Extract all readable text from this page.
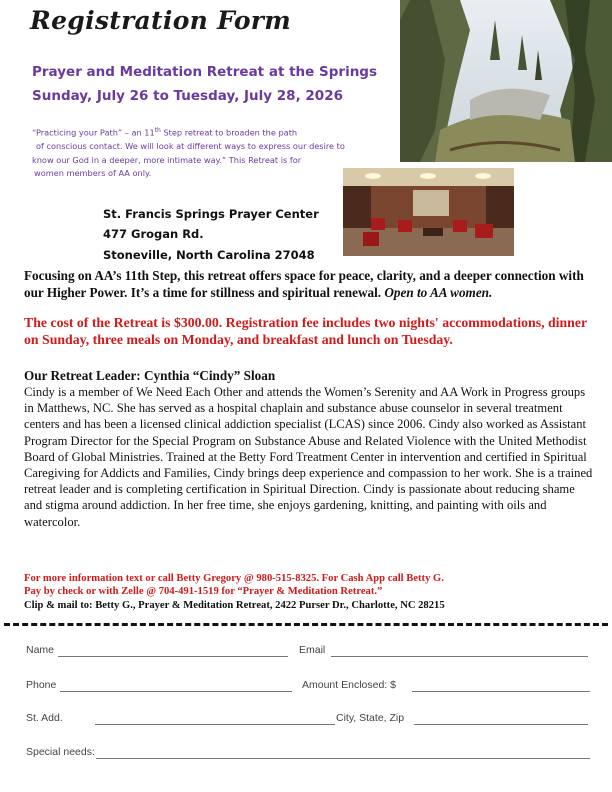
Registration Form
Prayer and Meditation Retreat at the Springs
Sunday, July 26 to Tuesday, July 28, 2026
“Practicing your Path” – an 11th Step retreat to broaden the path
of conscious contact. We will look at different ways to express our desire to
know our God in a deeper, more intimate way.” This Retreat is for
women members of AA only.
St. Francis Springs Prayer Center
477 Grogan Rd.
Stoneville, North Carolina 27048
Focusing on AA’s 11th Step, this retreat offers space for peace, clarity, and a deeper connection with our Higher Power. It’s a time for stillness and spiritual renewal. Open to AA women.
The cost of the Retreat is $300.00. Registration fee includes two nights' accommodations, dinner on Sunday, three meals on Monday, and breakfast and lunch on Tuesday.
Our Retreat Leader: Cynthia “Cindy” Sloan
Cindy is a member of We Need Each Other and attends the Women’s Serenity and AA Work in Progress groups in Matthews, NC. She has served as a hospital chaplain and substance abuse counselor in several treatment centers and has been a licensed clinical addiction specialist (LCAS) since 2006. Cindy also worked as Assistant Program Director for the Special Program on Substance Abuse and Related Violence with the United Methodist Board of Global Ministries. Trained at the Betty Ford Treatment Center in intervention and certified in Spiritual Caregiving for Addicts and Families, Cindy brings deep experience and compassion to her work. She is a trained retreat leader and is completing certification in Spiritual Direction. Cindy is passionate about reducing shame and stigma around addiction. In her free time, she enjoys gardening, knitting, and painting with oils and watercolor.
For more information text or call Betty Gregory @ 980-515-8325. For Cash App call Betty G.
Pay by check or with Zelle @ 704-491-1519 for “Prayer & Meditation Retreat.”
Clip & mail to: Betty G., Prayer & Meditation Retreat, 2422 Purser Dr., Charlotte, NC 28215
Name	Email
Phone	Amount Enclosed: $
St. Add.	City, State, Zip
Special needs:
